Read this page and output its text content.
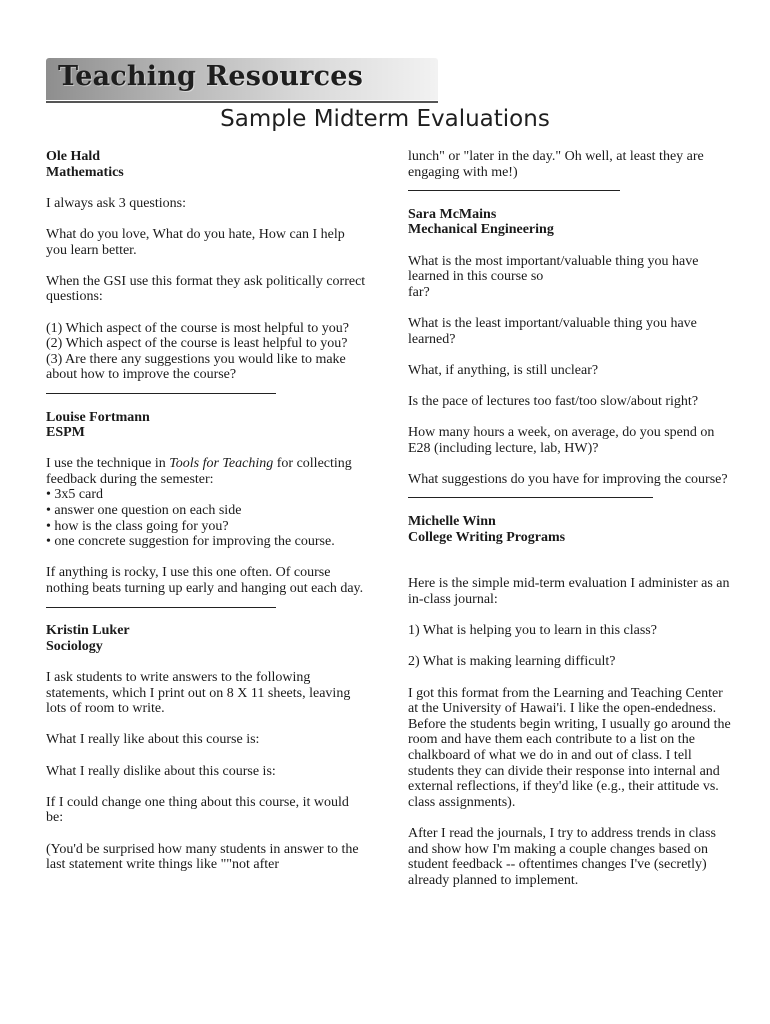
Teaching Resources
Sample Midterm Evaluations
Ole Hald

Mathematics

I always ask 3 questions:

What do you love, What do you hate, How can I help you learn better.

When the GSI use this format they ask politically correct questions:

(1) Which aspect of the course is most helpful to you?
(2) Which aspect of the course is least helpful to you?
(3) Are there any suggestions you would like to make about how to improve the course?
Louise Fortmann

ESPM

I use the technique in Tools for Teaching for collecting feedback during the semester:
• 3x5 card
• answer one question on each side
• how is the class going for you?
• one concrete suggestion for improving the course.

If anything is rocky, I use this one often. Of course nothing beats turning up early and hanging out each day.

Kristin Luker

Sociology

I ask students to write answers to the following statements, which I print out on 8 X 11 sheets, leaving lots of room to write.

What I really like about this course is:

What I really dislike about this course is:

If I could change one thing about this course, it would be:

(You'd be surprised how many students in answer to the last statement write things like ""not after

lunch" or "later in the day." Oh well, at least they are engaging with me!)

Sara McMains

Mechanical Engineering

What is the most important/valuable thing you have learned in this course so

far?

What is the least important/valuable thing you have learned?

What, if anything, is still unclear?

Is the pace of lectures too fast/too slow/about right?

How many hours a week, on average, do you spend on E28 (including lecture, lab, HW)?

What suggestions do you have for improving the course?

Michelle Winn
College Writing Programs

Here is the simple mid-term evaluation I administer as an in-class journal:

1) What is helping you to learn in this class?

2) What is making learning difficult?

I got this format from the Learning and Teaching Center at the University of Hawai'i. I like the open-endedness. Before the students begin writing, I usually go around the room and have them each contribute to a list on the chalkboard of what we do in and out of class. I tell students they can divide their response into internal and external reflections, if they'd like (e.g., their attitude vs. class assignments).

After I read the journals, I try to address trends in class and show how I'm making a couple changes based on student feedback -- oftentimes changes I've (secretly) already planned to implement.
